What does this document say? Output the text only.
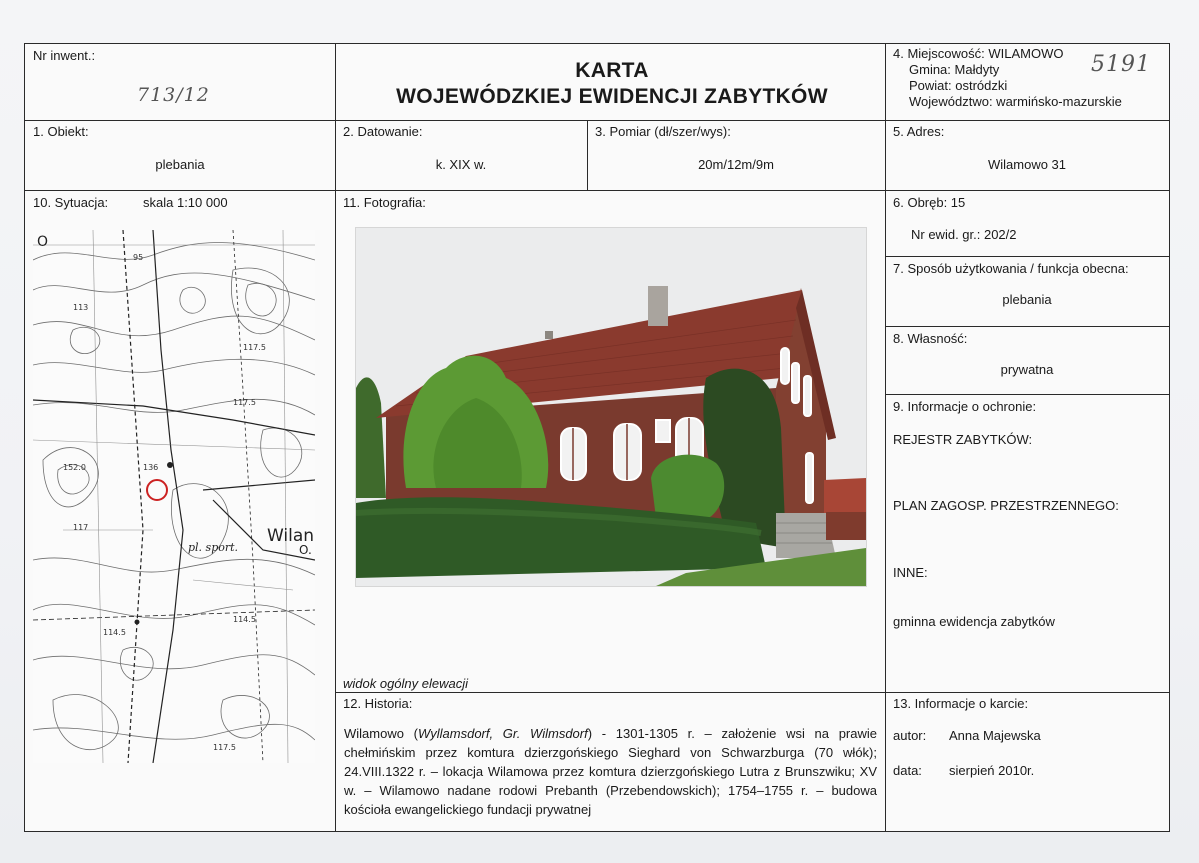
Nr inwent.:
713/12
KARTA
WOJEWÓDZKIEJ EWIDENCJI ZABYTKÓW
4. Miejscowość: WILAMOWO
Gmina: Małdyty
Powiat: ostródzki
Województwo: warmińsko-mazurskie
5191
1. Obiekt:
plebania
2. Datowanie:
k. XIX w.
3. Pomiar (dł/szer/wys):
20m/12m/9m
5. Adres:
Wilamowo 31
10. Sytuacja:	skala 1:10 000
95
113
117.5
117.5
152.0	136
117
114.5
114.5
117.5
Wilan
pl. sport.	O.
O
11. Fotografia:
widok ogólny elewacji
6. Obręb: 15
Nr ewid. gr.: 202/2
7. Sposób użytkowania / funkcja obecna:
plebania
8. Własność:
prywatna
9. Informacje o ochronie:
REJESTR ZABYTKÓW:
PLAN ZAGOSP. PRZESTRZENNEGO:
INNE:
gminna ewidencja zabytków
12. Historia:
Wilamowo (Wyllamsdorf, Gr. Wilmsdorf) - 1301-1305 r. – założenie wsi na prawie chełmińskim przez komtura dzierzgońskiego Sieghard von Schwarzburga (70 włók); 24.VIII.1322 r. – lokacja Wilamowa przez komtura dzierzgońskiego Lutra z Brunszwiku; XV w. – Wilamowo nadane rodowi Prebanth (Przebendowskich); 1754–1755 r. – budowa kościoła ewangelickiego fundacji prywatnej
13. Informacje o karcie:
autor: Anna Majewska
data: sierpień 2010r.
